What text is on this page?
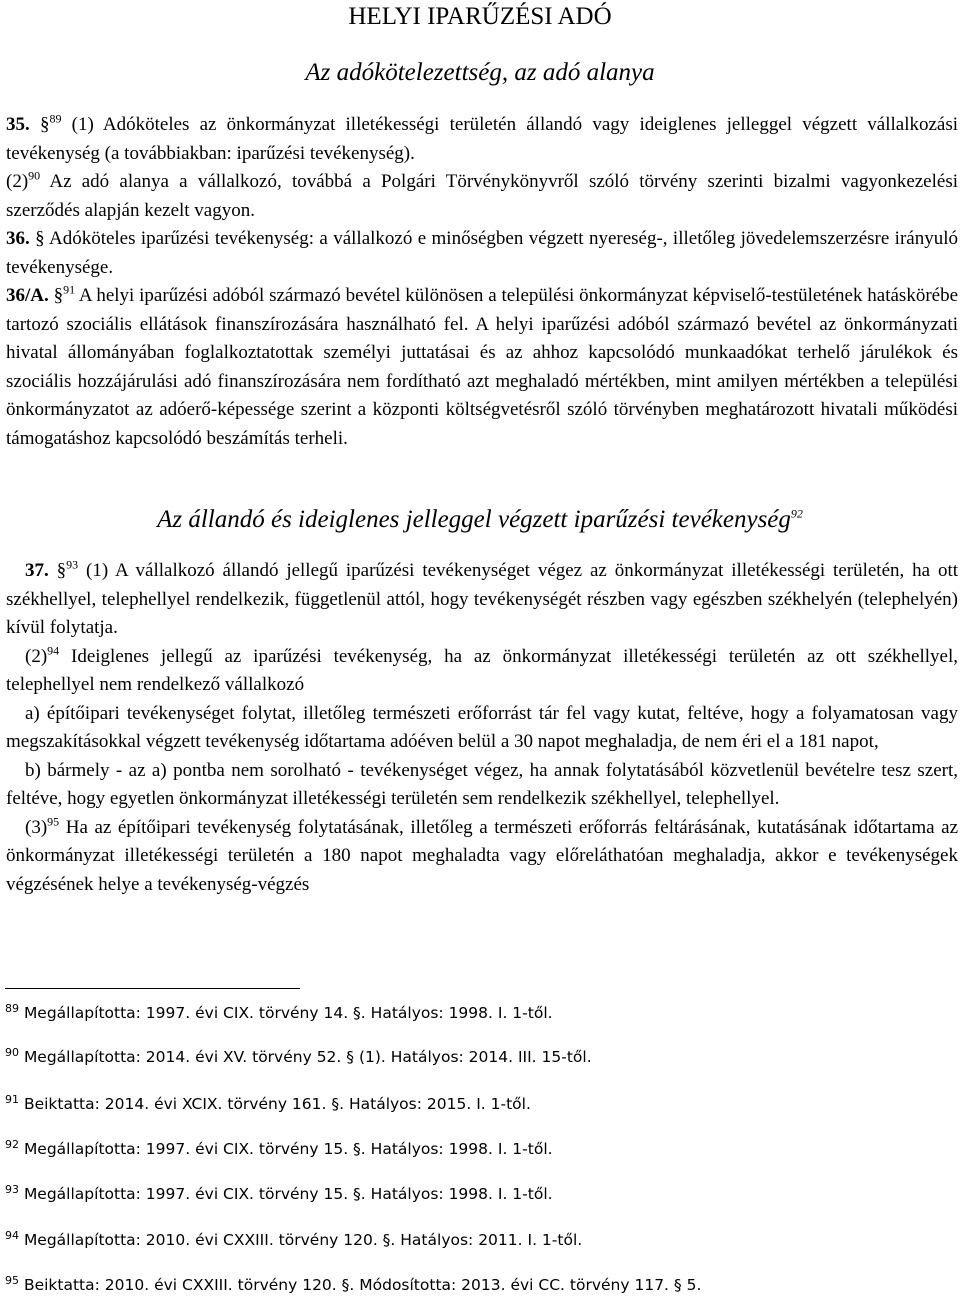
HELYI IPARŰZÉSI ADÓ
Az adókötelezettség, az adó alanya

35. §$^{89}$ (1) Adóköteles az önkormányzat illetékességi területén állandó vagy ideiglenes jelleggel végzett vállalkozási tevékenység (a továbbiakban: iparűzési tevékenység).

$(2)^{90}$ Az adó alanya a vállalkozó, továbbá a Polgári Törvénykönyvről szóló törvény szerinti bizalmi vagyonkezelési szerződés alapján kezelt vagyon.

36. § Adóköteles iparűzési tevékenység: a vállalkozó e minőségben végzett nyereség-, illetőleg jövedelemszerzésre irányuló tevékenysége.

36/A. §$^{91}$ A helyi iparűzési adóból származó bevétel különösen a települési önkormányzat képviselő-testületének hatáskörébe tartozó szociális ellátások finanszírozására használható fel. A helyi iparűzési adóból származó bevétel az önkormányzati hivatal állományában foglalkoztatottak személyi juttatásai és az ahhoz kapcsolódó munkaadókat terhelő járulékok és szociális hozzájárulási adó finanszírozására nem fordítható azt meghaladó mértékben, mint amilyen mértékben a települési önkormányzatot az adóerő-képessége szerint a központi költségvetésről szóló törvényben meghatározott hivatali működési támogatáshoz kapcsolódó beszámítás terheli.

Az állandó és ideiglenes jelleggel végzett iparűzési tevékenység$^{92}$

37. §$^{93}$ (1) A vállalkozó állandó jellegű iparűzési tevékenységet végez az önkormányzat illetékességi területén, ha ott székhellyel, telephellyel rendelkezik, függetlenül attól, hogy tevékenységét részben vagy egészben székhelyén (telephelyén) kívül folytatja.

$(2)^{94}$ Ideiglenes jellegű az iparűzési tevékenység, ha az önkormányzat illetékességi területén az ott székhellyel, telephellyel nem rendelkező vállalkozó

a) építőipari tevékenységet folytat, illetőleg természeti erőforrást tár fel vagy kutat, feltéve, hogy a folyamatosan vagy megszakításokkal végzett tevékenység időtartama adóéven belül a 30 napot meghaladja, de nem éri el a 181 napot,

b) bármely - az a) pontba nem sorolható - tevékenységet végez, ha annak folytatásából közvetlenül bevételre tesz szert, feltéve, hogy egyetlen önkormányzat illetékességi területén sem rendelkezik székhellyel, telephellyel.

$(3)^{95}$ Ha az építőipari tevékenység folytatásának, illetőleg a természeti erőforrás feltárásának, kutatásának időtartama az önkormányzat illetékességi területén a 180 napot meghaladta vagy előreláthatóan meghaladja, akkor e tevékenységek végzésének helye a tevékenység-végzés

$^{89}$ Megállapította: 1997. évi CIX. törvény 14. §. Hatályos: 1998. I. 1-től.
$^{90}$ Megállapította: 2014. évi XV. törvény 52. § (1). Hatályos: 2014. III. 15-től.
$^{91}$ Beiktatta: 2014. évi XCIX. törvény 161. §. Hatályos: 2015. I. 1-től.
$^{92}$ Megállapította: 1997. évi CIX. törvény 15. §. Hatályos: 1998. I. 1-től.
$^{93}$ Megállapította: 1997. évi CIX. törvény 15. §. Hatályos: 1998. I. 1-től.
$^{94}$ Megállapította: 2010. évi CXXIII. törvény 120. §. Hatályos: 2011. I. 1-től.
$^{95}$ Beiktatta: 2010. évi CXXIII. törvény 120. §. Módosította: 2013. évi CC. törvény 117. § 5.
